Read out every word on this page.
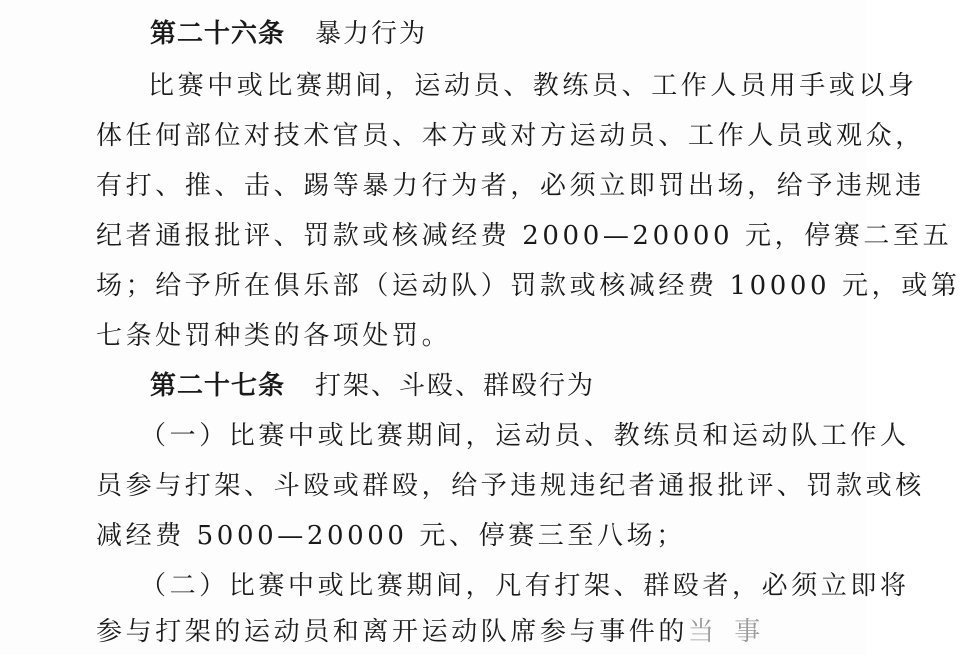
第二十六条 暴力行为
比赛中或比赛期间，运动员、教练员、工作人员用手或以身
体任何部位对技术官员、本方或对方运动员、工作人员或观众，
有打、推、击、踢等暴力行为者，必须立即罚出场，给予违规违
纪者通报批评、罚款或核减经费 2000—20000 元，停赛二至五
场；给予所在俱乐部（运动队）罚款或核减经费 10000 元，或第
七条处罚种类的各项处罚。
第二十七条 打架、斗殴、群殴行为
（一）比赛中或比赛期间，运动员、教练员和运动队工作人
员参与打架、斗殴或群殴，给予违规违纪者通报批评、罚款或核
减经费 5000—20000 元、停赛三至八场；
（二）比赛中或比赛期间，凡有打架、群殴者，必须立即将
参与打架的运动员和离开运动队席参与事件的当 事
